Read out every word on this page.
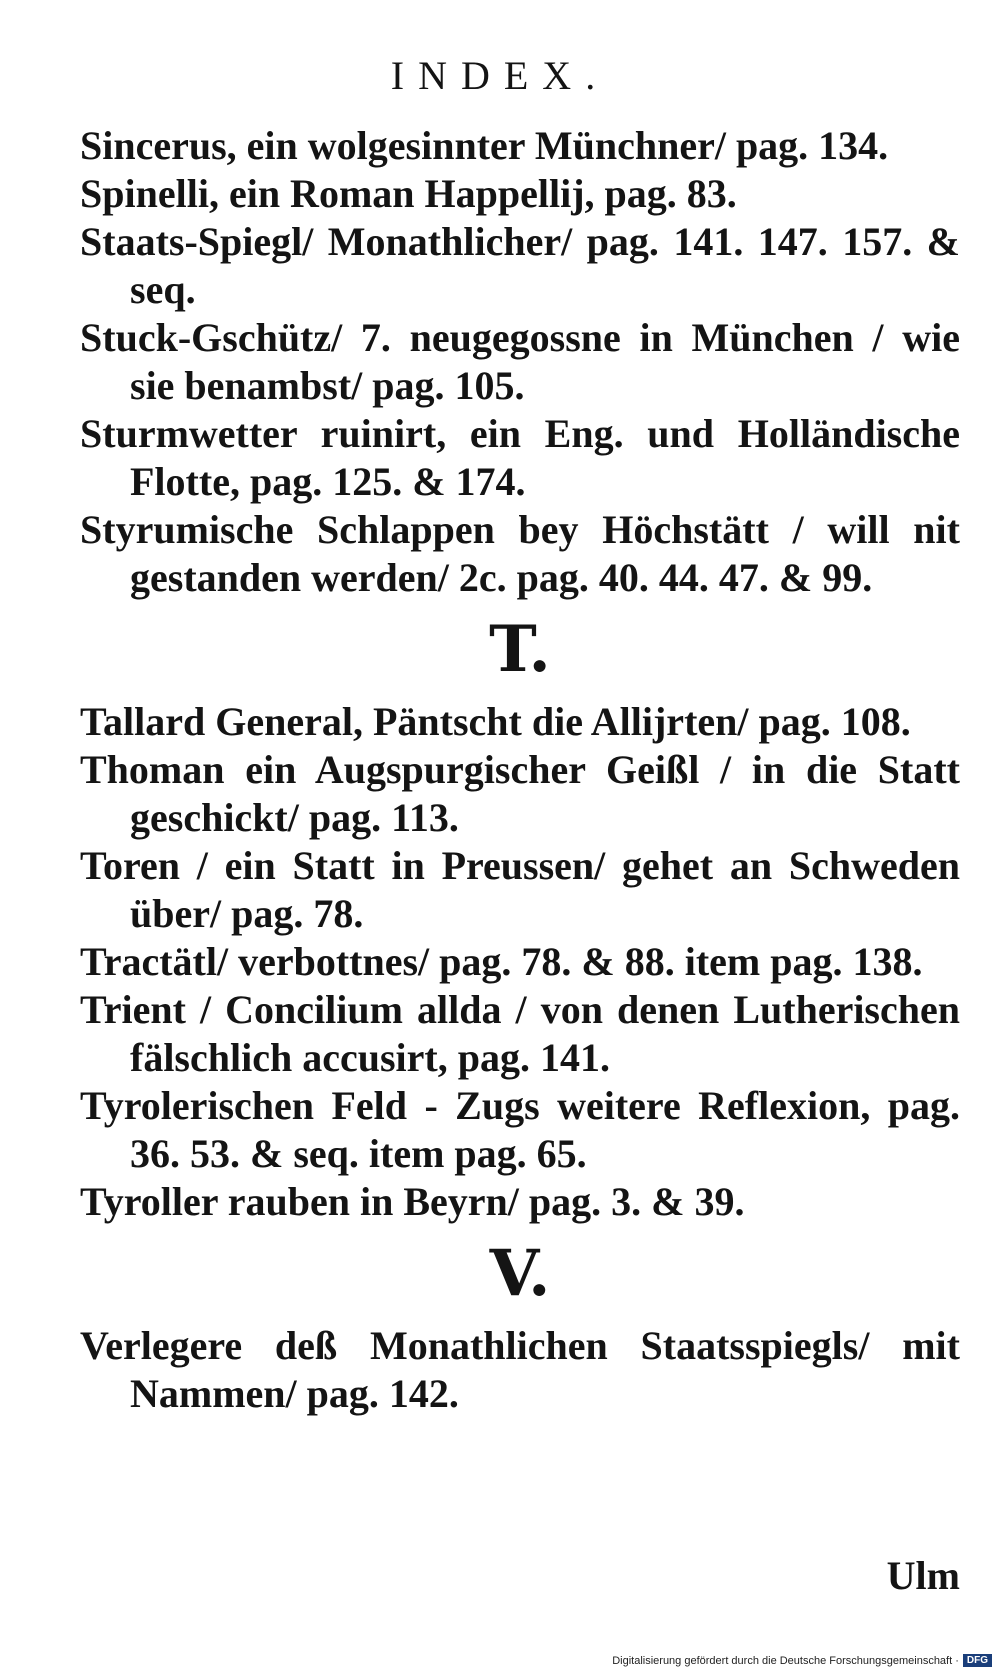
INDEX.

Sincerus, ein wolgesinnter Münchner/ pag. 134.

Spinelli, ein Roman Happellij, pag. 83.

Staats-Spiegl/ Monathlicher/ pag. 141. 147. 157. & seq.

Stuck-Gschütz/ 7. neugegossne in München / wie sie benambst/ pag. 105.

Sturmwetter ruinirt, ein Eng. und Holländische Flotte, pag. 125. & 174.

Styrumische Schlappen bey Höchstätt / will nit gestanden werden/ 2c. pag. 40. 44. 47. & 99.

T.

Tallard General, Päntscht die Allijrten/ pag. 108.

Thoman ein Augspurgischer Geißl / in die Statt geschickt/ pag. 113.

Toren / ein Statt in Preussen/ gehet an Schweden über/ pag. 78.

Tractätl/ verbottnes/ pag. 78. & 88. item pag. 138.

Trient / Concilium allda / von denen Lutherischen fälschlich accusirt, pag. 141.

Tyrolerischen Feld - Zugs weitere Reflexion, pag. 36. 53. & seq. item pag. 65.

Tyroller rauben in Beyrn/ pag. 3. & 39.

V.

Verlegere deß Monathlichen Staatsspiegls/ mit Nammen/ pag. 142.

Ulm
Digitalisierung gefördert durch die Deutsche Forschungsgemeinschaft · DFG
